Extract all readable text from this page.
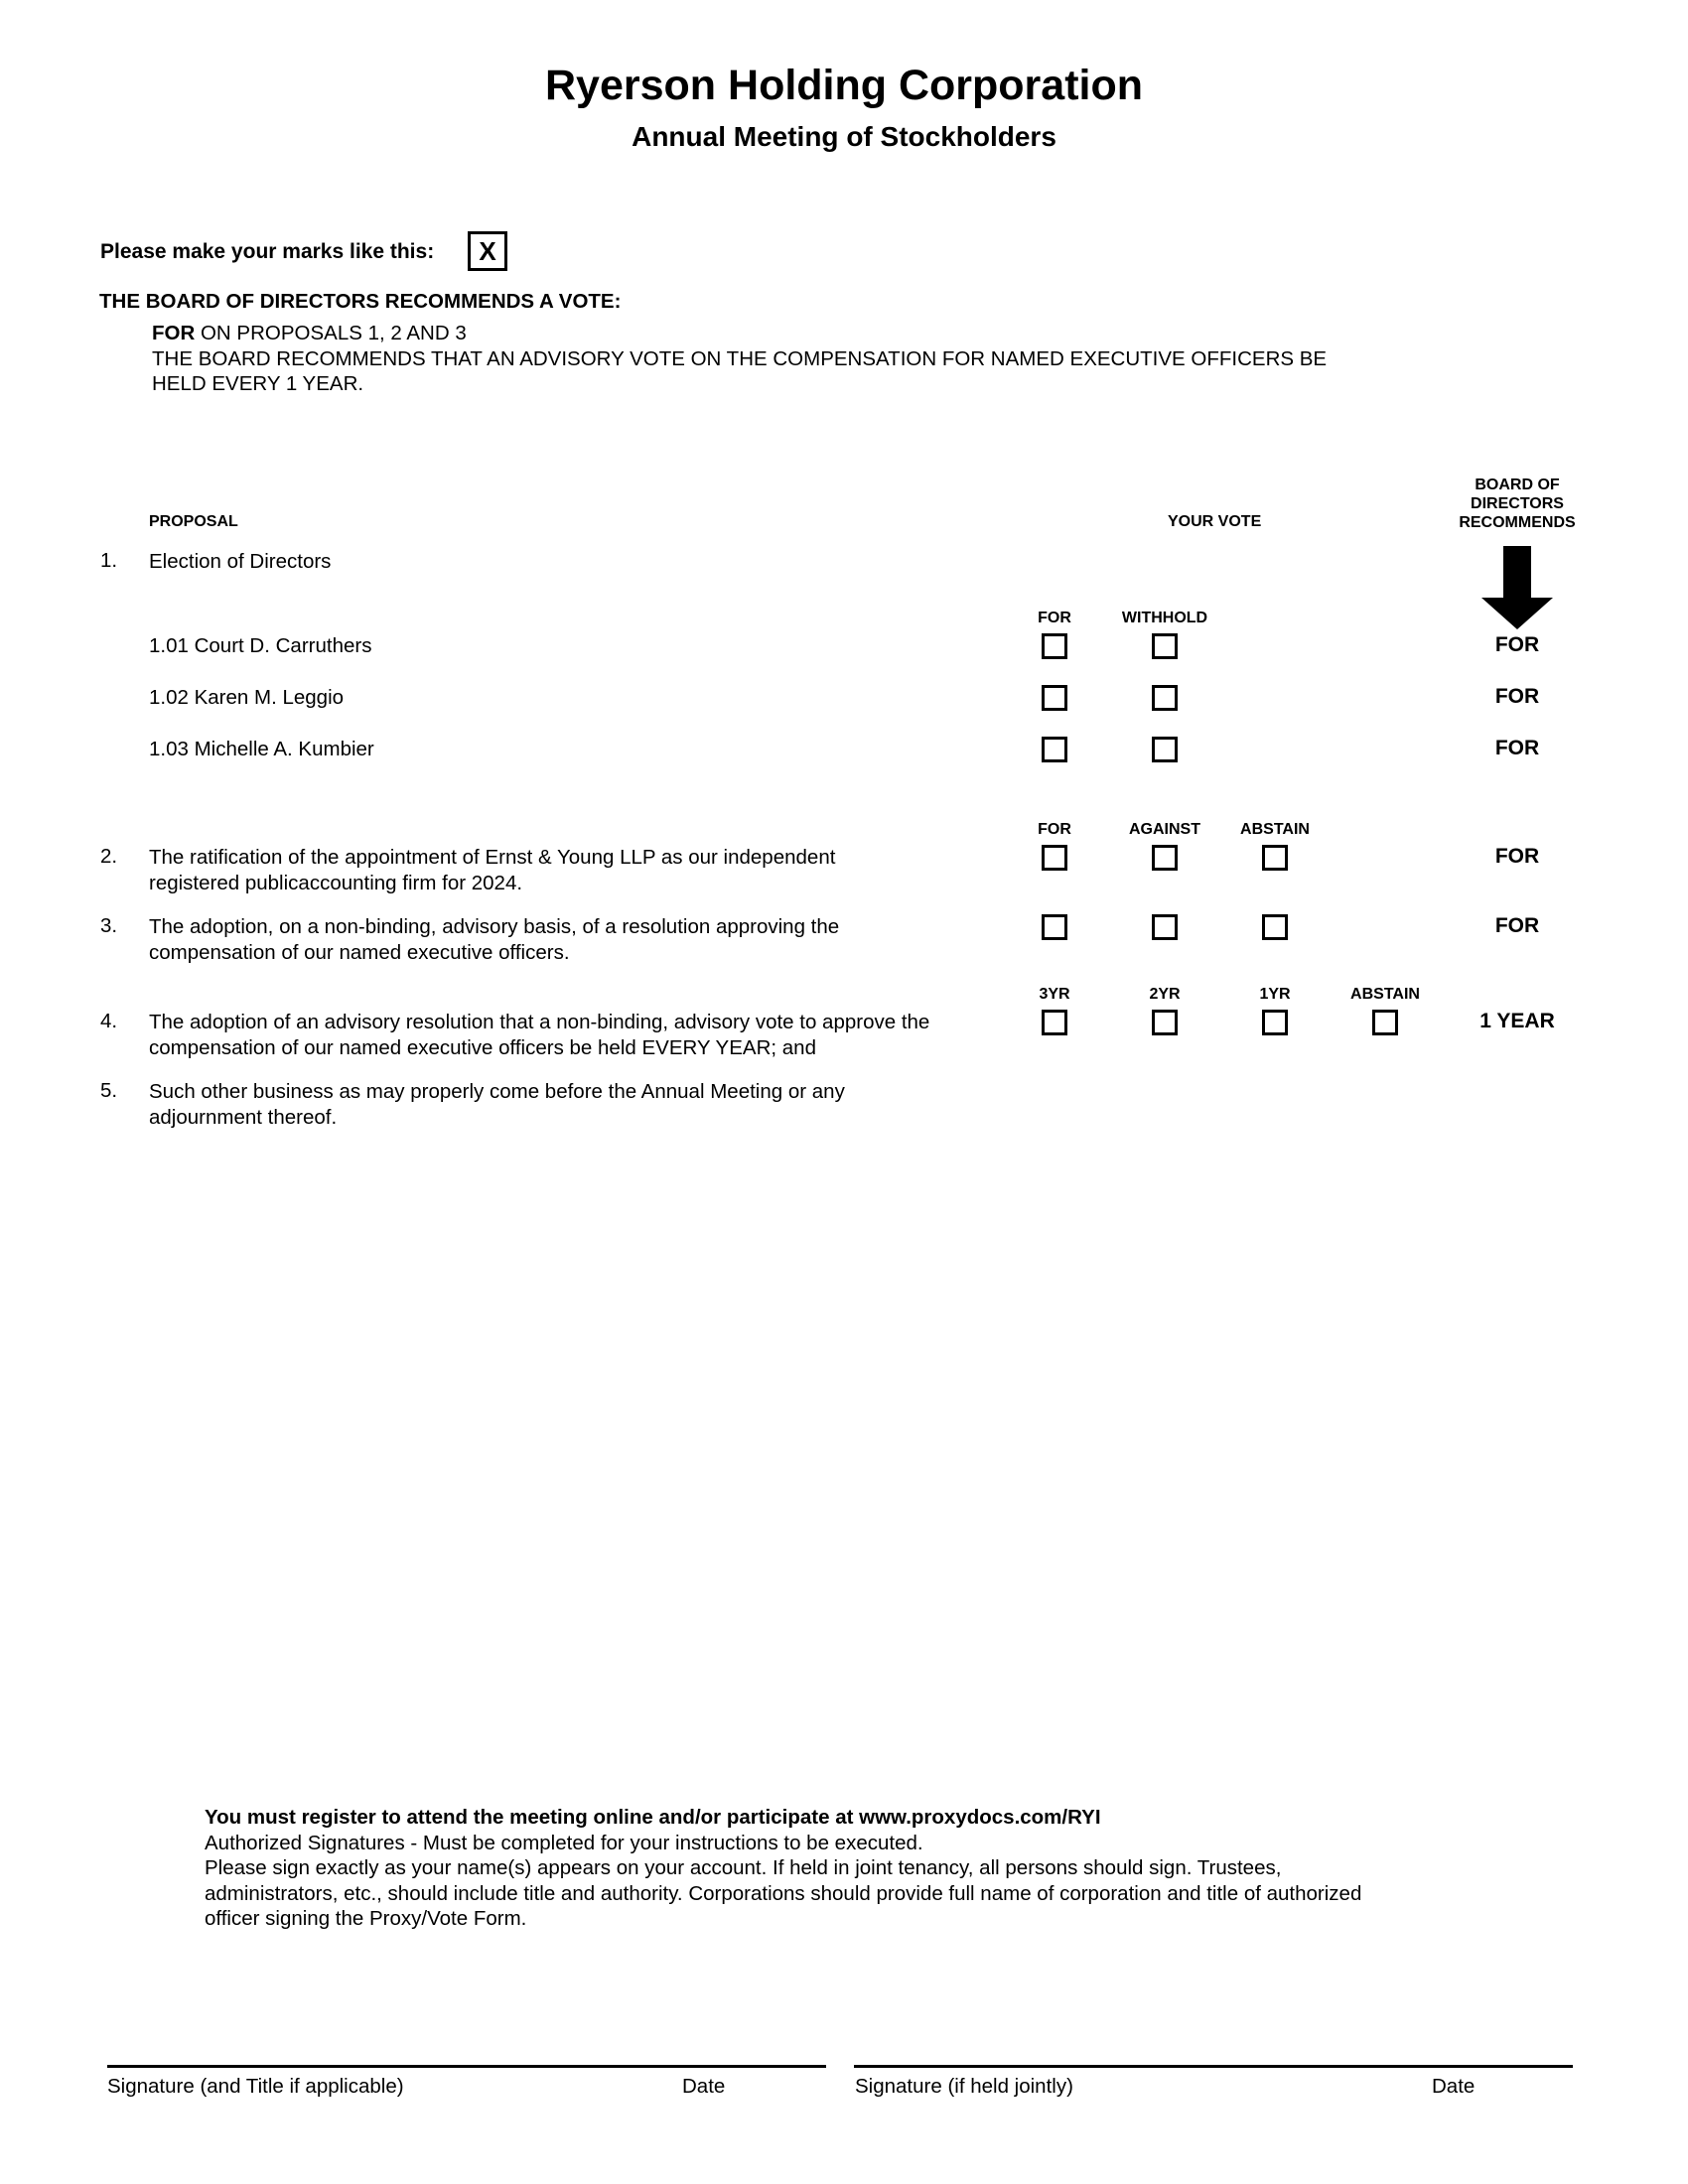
Ryerson Holding Corporation
Annual Meeting of Stockholders
Please make your marks like this:	X
THE BOARD OF DIRECTORS RECOMMENDS A VOTE:
FOR ON PROPOSALS 1, 2 AND 3
THE BOARD RECOMMENDS THAT AN ADVISORY VOTE ON THE COMPENSATION FOR NAMED EXECUTIVE OFFICERS BE
HELD EVERY 1 YEAR.
PROPOSAL	YOUR VOTE
BOARD OF
DIRECTORS
RECOMMENDS
1. Election of Directors
FOR	WITHHOLD
1.01 Court D. Carruthers	FOR
1.02 Karen M. Leggio	FOR
1.03 Michelle A. Kumbier	FOR
FOR	AGAINST	ABSTAIN
2. The ratification of the appointment of Ernst & Young LLP as our independent
registered publicaccounting firm for 2024.
FOR
3. The adoption, on a non-binding, advisory basis, of a resolution approving the
compensation of our named executive officers.
FOR
3YR	2YR	1YR	ABSTAIN
4. The adoption of an advisory resolution that a non-binding, advisory vote to approve the
compensation of our named executive officers be held EVERY YEAR; and
1 YEAR
5. Such other business as may properly come before the Annual Meeting or any
adjournment thereof.
You must register to attend the meeting online and/or participate at www.proxydocs.com/RYI
Authorized Signatures - Must be completed for your instructions to be executed.
Please sign exactly as your name(s) appears on your account. If held in joint tenancy, all persons should sign. Trustees,
administrators, etc., should include title and authority. Corporations should provide full name of corporation and title of authorized
officer signing the Proxy/Vote Form.
Signature (and Title if applicable)	Date	Signature (if held jointly)	Date
